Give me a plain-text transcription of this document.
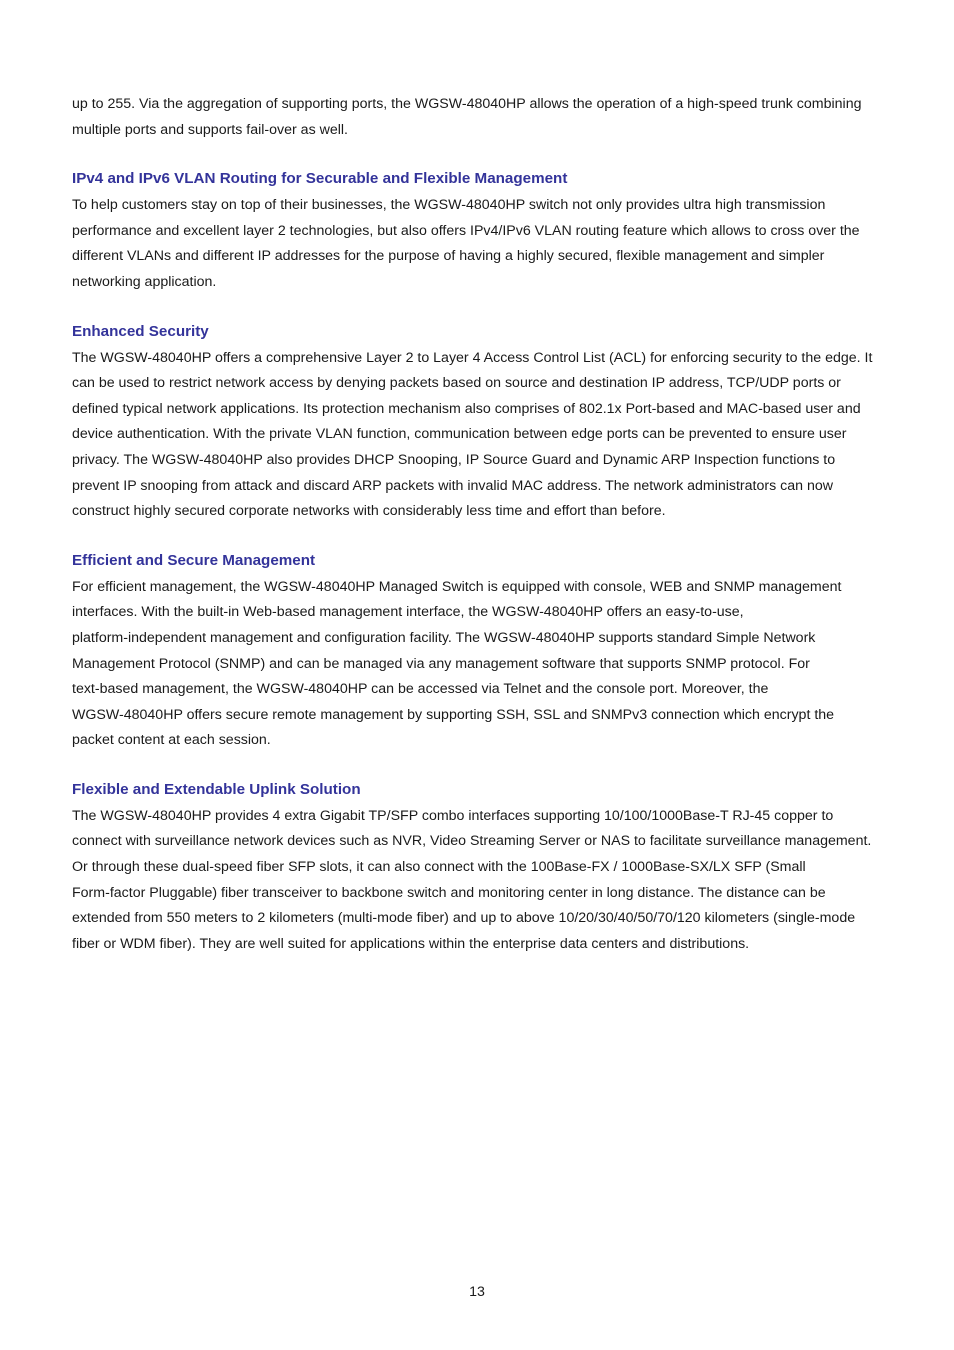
up to 255. Via the aggregation of supporting ports, the WGSW-48040HP allows the operation of a high-speed trunk combining
multiple ports and supports fail-over as well.

IPv4 and IPv6 VLAN Routing for Securable and Flexible Management

To help customers stay on top of their businesses, the WGSW-48040HP switch not only provides ultra high transmission
performance and excellent layer 2 technologies, but also offers IPv4/IPv6 VLAN routing feature which allows to cross over the
different VLANs and different IP addresses for the purpose of having a highly secured, flexible management and simpler
networking application.

Enhanced Security

The WGSW-48040HP offers a comprehensive Layer 2 to Layer 4 Access Control List (ACL) for enforcing security to the edge. It
can be used to restrict network access by denying packets based on source and destination IP address, TCP/UDP ports or
defined typical network applications. Its protection mechanism also comprises of 802.1x Port-based and MAC-based user and
device authentication. With the private VLAN function, communication between edge ports can be prevented to ensure user
privacy. The WGSW-48040HP also provides DHCP Snooping, IP Source Guard and Dynamic ARP Inspection functions to
prevent IP snooping from attack and discard ARP packets with invalid MAC address. The network administrators can now
construct highly secured corporate networks with considerably less time and effort than before.

Efficient and Secure Management

For efficient management, the WGSW-48040HP Managed Switch is equipped with console, WEB and SNMP management
interfaces. With the built-in Web-based management interface, the WGSW-48040HP offers an easy-to-use,
platform-independent management and configuration facility. The WGSW-48040HP supports standard Simple Network
Management Protocol (SNMP) and can be managed via any management software that supports SNMP protocol. For
text-based management, the WGSW-48040HP can be accessed via Telnet and the console port. Moreover, the
WGSW-48040HP offers secure remote management by supporting SSH, SSL and SNMPv3 connection which encrypt the
packet content at each session.

Flexible and Extendable Uplink Solution

The WGSW-48040HP provides 4 extra Gigabit TP/SFP combo interfaces supporting 10/100/1000Base-T RJ-45 copper to
connect with surveillance network devices such as NVR, Video Streaming Server or NAS to facilitate surveillance management.
Or through these dual-speed fiber SFP slots, it can also connect with the 100Base-FX / 1000Base-SX/LX SFP (Small
Form-factor Pluggable) fiber transceiver to backbone switch and monitoring center in long distance. The distance can be
extended from 550 meters to 2 kilometers (multi-mode fiber) and up to above 10/20/30/40/50/70/120 kilometers (single-mode
fiber or WDM fiber). They are well suited for applications within the enterprise data centers and distributions.

13
